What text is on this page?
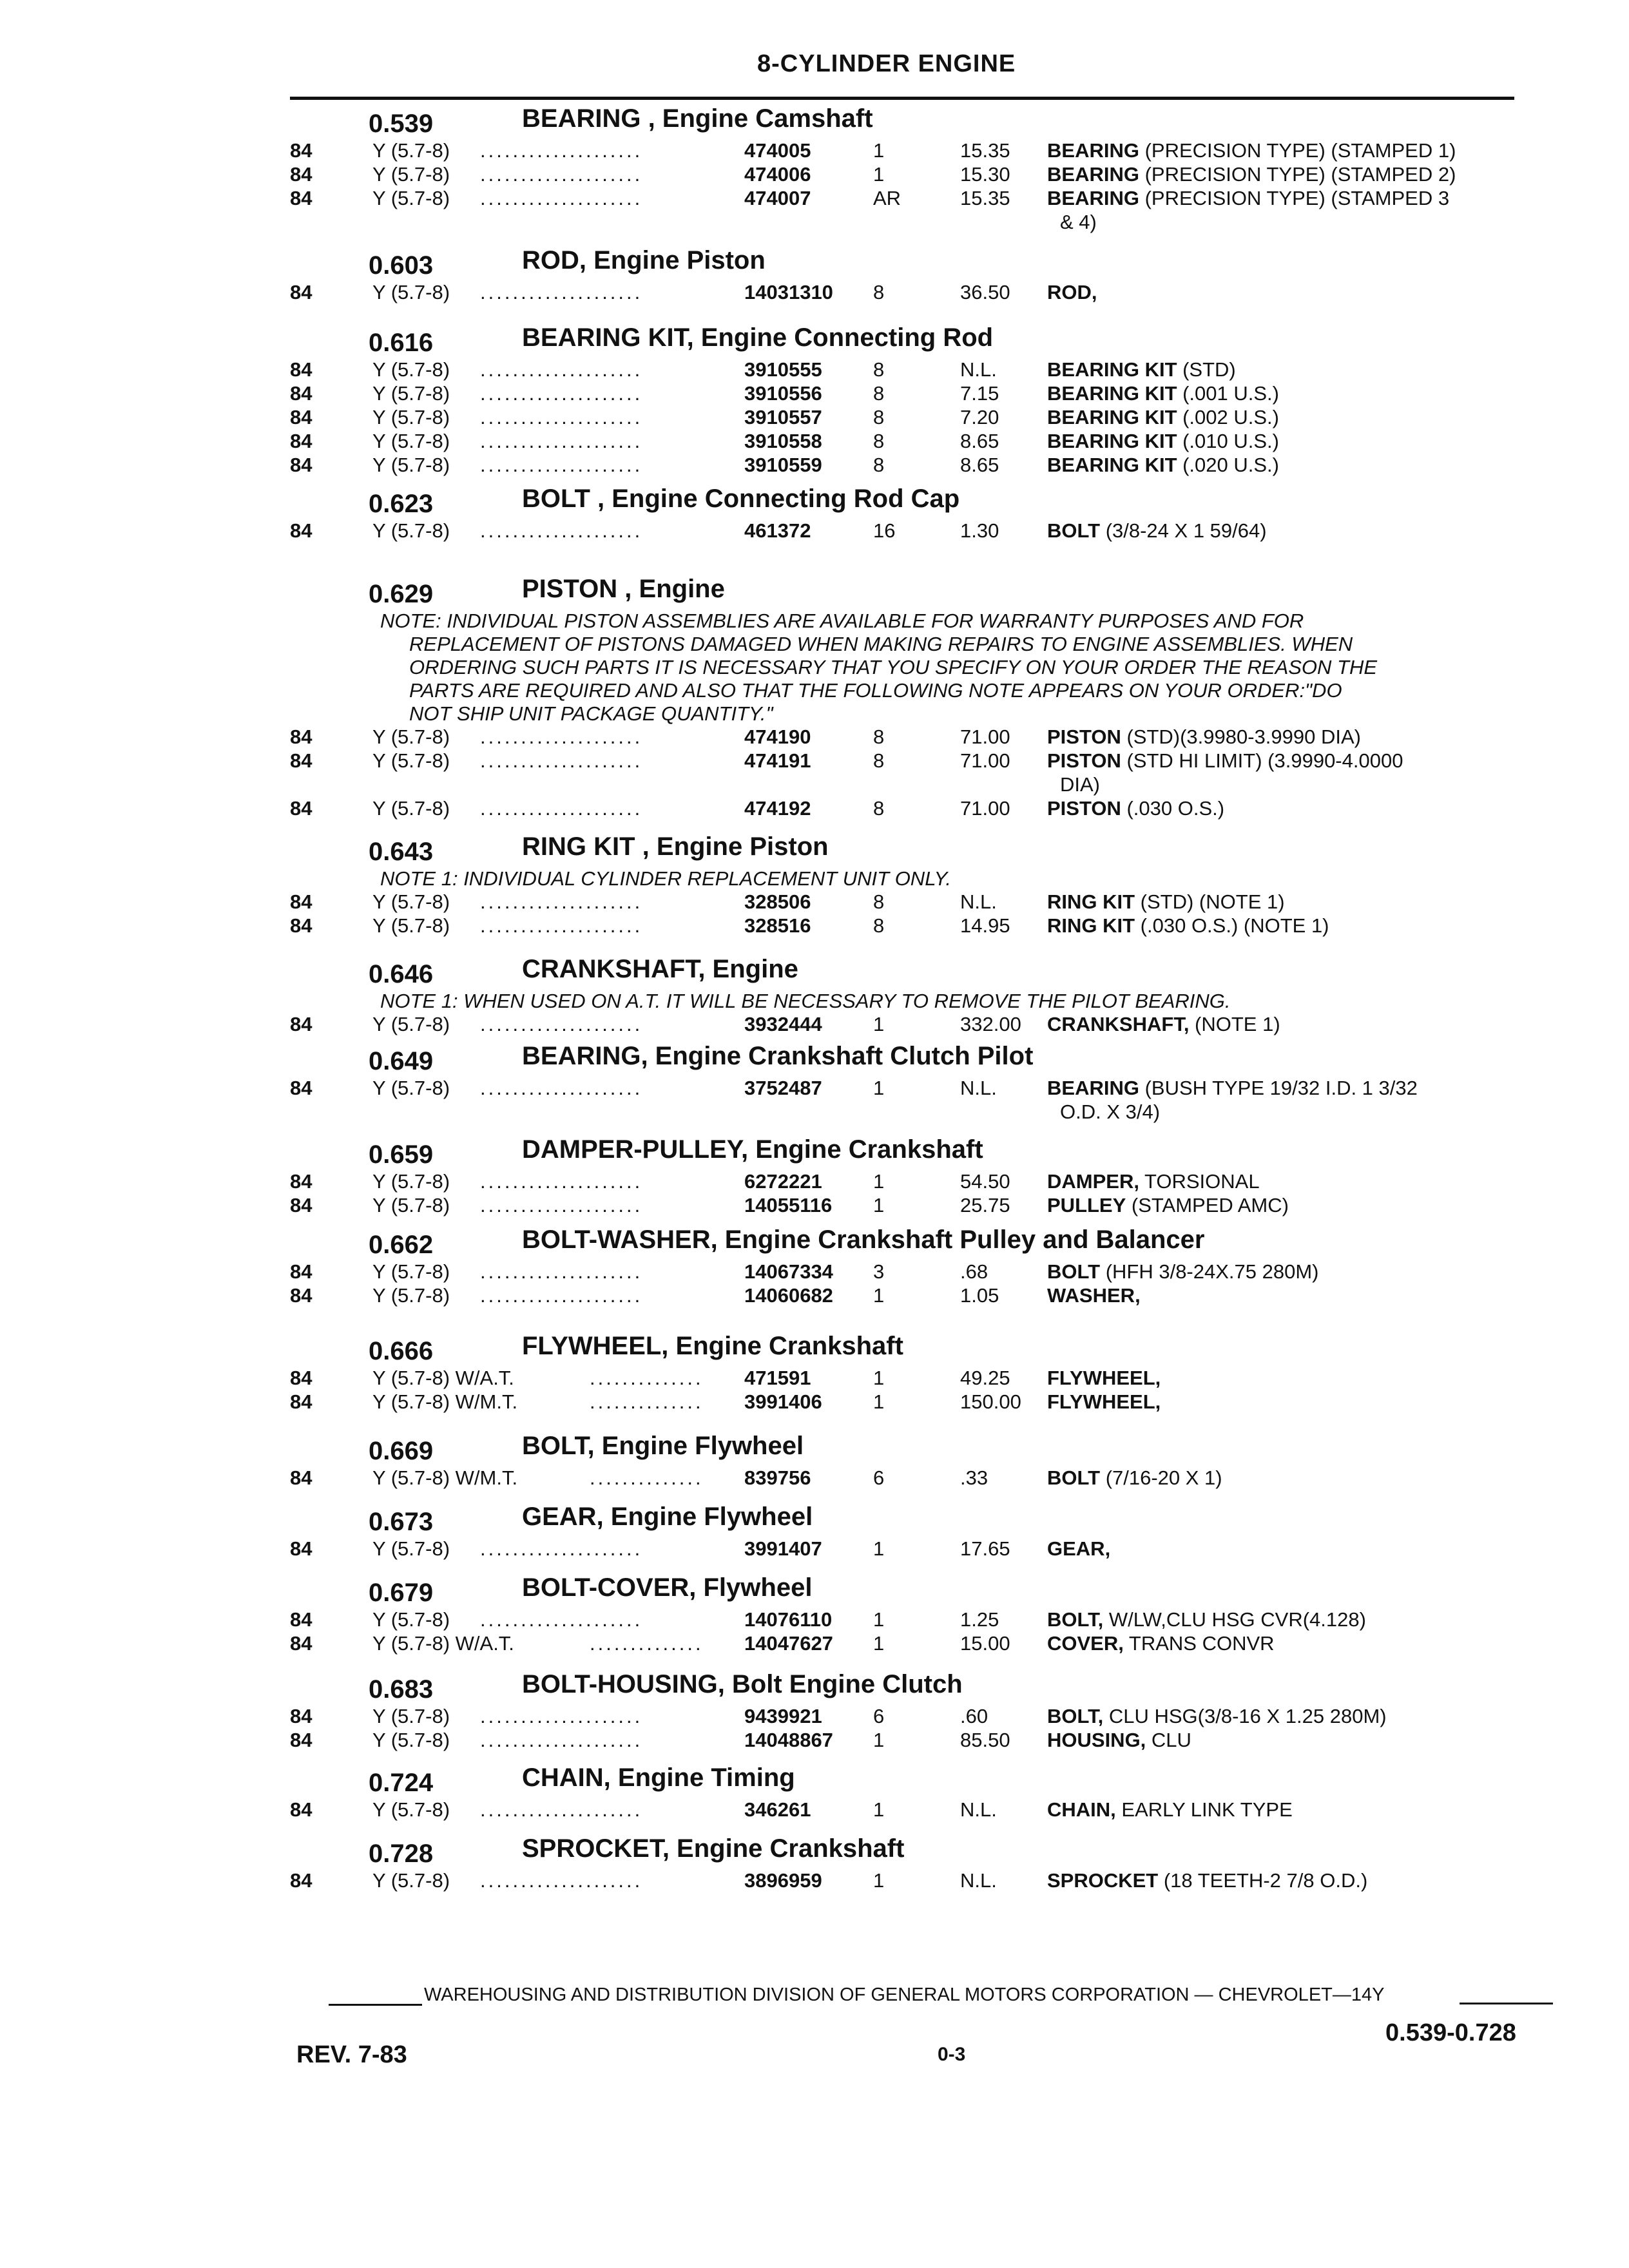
8-CYLINDER ENGINE
0.539	BEARING , Engine Camshaft
84	Y (5.7-8) ....................	474005	1	15.35 BEARING (PRECISION TYPE) (STAMPED 1)
84	Y (5.7-8) ....................	474006	1	15.30 BEARING (PRECISION TYPE) (STAMPED 2)
84	Y (5.7-8) ....................	474007	AR	15.35 BEARING (PRECISION TYPE) (STAMPED 3
& 4)
0.603	ROD, Engine Piston
84	Y (5.7-8) ....................	14031310 8	36.50 ROD,
0.616	BEARING KIT, Engine Connecting Rod
84	Y (5.7-8) ....................	3910555	8	N.L.	BEARING KIT (STD)
84	Y (5.7-8) ....................	3910556	8	7.15 BEARING KIT (.001 U.S.)
84	Y (5.7-8) ....................	3910557	8	7.20 BEARING KIT (.002 U.S.)
84	Y (5.7-8) ....................	3910558	8	8.65 BEARING KIT (.010 U.S.)
84	Y (5.7-8) ....................	3910559	8	8.65 BEARING KIT (.020 U.S.)
0.623	BOLT , Engine Connecting Rod Cap
84	Y (5.7-8) ....................	461372	16	1.30 BOLT (3/8-24 X 1 59/64)
0.629	PISTON , Engine
NOTE: INDIVIDUAL PISTON ASSEMBLIES ARE AVAILABLE FOR WARRANTY PURPOSES AND FOR
REPLACEMENT OF PISTONS DAMAGED WHEN MAKING REPAIRS TO ENGINE ASSEMBLIES. WHEN
ORDERING SUCH PARTS IT IS NECESSARY THAT YOU SPECIFY ON YOUR ORDER THE REASON THE
PARTS ARE REQUIRED AND ALSO THAT THE FOLLOWING NOTE APPEARS ON YOUR ORDER:"DO
NOT SHIP UNIT PACKAGE QUANTITY."
84	Y (5.7-8) ....................	474190	8	71.00 PISTON (STD)(3.9980-3.9990 DIA)
84	Y (5.7-8) ....................	474191	8	71.00 PISTON (STD HI LIMIT) (3.9990-4.0000
DIA)
84	Y (5.7-8) ....................	474192	8	71.00 PISTON (.030 O.S.)
0.643	RING KIT , Engine Piston
NOTE 1: INDIVIDUAL CYLINDER REPLACEMENT UNIT ONLY.
84	Y (5.7-8) ....................	328506	8	N.L.	RING KIT (STD) (NOTE 1)
84	Y (5.7-8) ....................	328516	8	14.95 RING KIT (.030 O.S.) (NOTE 1)
0.646	CRANKSHAFT, Engine
NOTE 1: WHEN USED ON A.T. IT WILL BE NECESSARY TO REMOVE THE PILOT BEARING.
84	Y (5.7-8) ....................	3932444	1	332.00 CRANKSHAFT, (NOTE 1)
0.649	BEARING, Engine Crankshaft Clutch Pilot
84	Y (5.7-8) ....................	3752487	1	N.L.	BEARING (BUSH TYPE 19/32 I.D. 1 3/32
O.D. X 3/4)
0.659	DAMPER-PULLEY, Engine Crankshaft
84	Y (5.7-8) ....................	6272221	1	54.50 DAMPER, TORSIONAL
84	Y (5.7-8) ....................	14055116 1	25.75 PULLEY (STAMPED AMC)
0.662	BOLT-WASHER, Engine Crankshaft Pulley and Balancer
84	Y (5.7-8) ....................	14067334 3	.68	BOLT (HFH 3/8-24X.75 280M)
84	Y (5.7-8) ....................	14060682 1	1.05 WASHER,
0.666	FLYWHEEL, Engine Crankshaft
84	Y (5.7-8) W/A.T.	.............. 471591	1	49.25 FLYWHEEL,
84	Y (5.7-8) W/M.T.	.............. 3991406	1	150.00 FLYWHEEL,
0.669	BOLT, Engine Flywheel
84	Y (5.7-8) W/M.T.	.............. 839756	6	.33	BOLT (7/16-20 X 1)
0.673	GEAR, Engine Flywheel
84	Y (5.7-8) ....................	3991407	1	17.65 GEAR,
0.679	BOLT-COVER, Flywheel
84	Y (5.7-8) ....................	14076110 1	1.25 BOLT, W/LW,CLU HSG CVR(4.128)
84	Y (5.7-8) W/A.T.	.............. 14047627 1	15.00 COVER, TRANS CONVR
0.683	BOLT-HOUSING, Bolt Engine Clutch
84	Y (5.7-8) ....................	9439921	6	.60	BOLT, CLU HSG(3/8-16 X 1.25 280M)
84	Y (5.7-8) ....................	14048867 1	85.50 HOUSING, CLU
0.724	CHAIN, Engine Timing
84	Y (5.7-8) ....................	346261	1	N.L.	CHAIN, EARLY LINK TYPE
0.728	SPROCKET, Engine Crankshaft
84	Y (5.7-8) ....................	3896959	1	N.L.	SPROCKET (18 TEETH-2 7/8 O.D.)
WAREHOUSING AND DISTRIBUTION DIVISION OF GENERAL MOTORS CORPORATION — CHEVROLET—14Y
REV. 7-83	0-3
0.539-0.728
